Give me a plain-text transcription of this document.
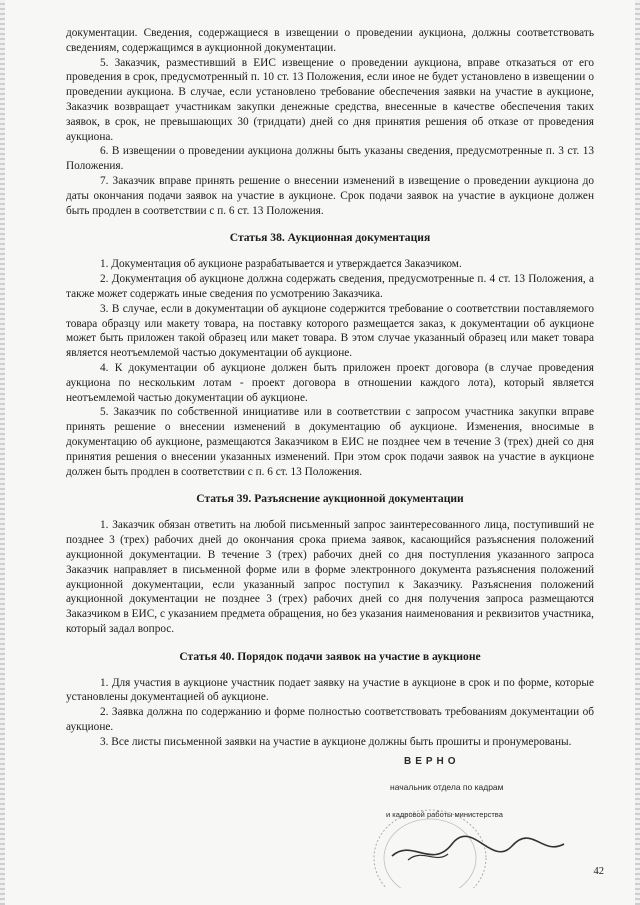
документации. Сведения, содержащиеся в извещении о проведении аукциона, должны соответствовать сведениям, содержащимся в аукционной документации.

5. Заказчик, разместивший в ЕИС извещение о проведении аукциона, вправе отказаться от его проведения в срок, предусмотренный п. 10 ст. 13 Положения, если иное не будет установлено в извещении о проведении аукциона. В случае, если установлено требование обеспечения заявки на участие в аукционе, Заказчик возвращает участникам закупки денежные средства, внесенные в качестве обеспечения таких заявок, в срок, не превышающих 30 (тридцати) дней со дня принятия решения об отказе от проведения аукциона.

6. В извещении о проведении аукциона должны быть указаны сведения, предусмотренные п. 3 ст. 13 Положения.

7. Заказчик вправе принять решение о внесении изменений в извещение о проведении аукциона до даты окончания подачи заявок на участие в аукционе. Срок подачи заявок на участие в аукционе должен быть продлен в соответствии с п. 6 ст. 13 Положения.

Статья 38. Аукционная документация

1. Документация об аукционе разрабатывается и утверждается Заказчиком.

2. Документация об аукционе должна содержать сведения, предусмотренные п. 4 ст. 13 Положения, а также может содержать иные сведения по усмотрению Заказчика.

3. В случае, если в документации об аукционе содержится требование о соответствии поставляемого товара образцу или макету товара, на поставку которого размещается заказ, к документации об аукционе может быть приложен такой образец или макет товара. В этом случае указанный образец или макет товара является неотъемлемой частью документации об аукционе.

4. К документации об аукционе должен быть приложен проект договора (в случае проведения аукциона по нескольким лотам - проект договора в отношении каждого лота), который является неотъемлемой частью документации об аукционе.

5. Заказчик по собственной инициативе или в соответствии с запросом участника закупки вправе принять решение о внесении изменений в документацию об аукционе. Изменения, вносимые в документацию об аукционе, размещаются Заказчиком в ЕИС не позднее чем в течение 3 (трех) дней со дня принятия решения о внесении указанных изменений. При этом срок подачи заявок на участие в аукционе должен быть продлен в соответствии с п. 6 ст. 13 Положения.

Статья 39. Разъяснение аукционной документации

1. Заказчик обязан ответить на любой письменный запрос заинтересованного лица, поступивший не позднее 3 (трех) рабочих дней до окончания срока приема заявок, касающийся разъяснения положений аукционной документации. В течение 3 (трех) рабочих дней со дня поступления указанного запроса Заказчик направляет в письменной форме или в форме электронного документа разъяснения положений аукционной документации, если указанный запрос поступил к Заказчику. Разъяснения положений аукционной документации не позднее 3 (трех) рабочих дней со дня получения запроса размещаются Заказчиком в ЕИС, с указанием предмета обращения, но без указания наименования и реквизитов участника, который задал вопрос.

Статья 40. Порядок подачи заявок на участие в аукционе

1. Для участия в аукционе участник подает заявку на участие в аукционе в срок и по форме, которые установлены документацией об аукционе.

2. Заявка должна по содержанию и форме полностью соответствовать требованиям документации об аукционе.

3. Все листы письменной заявки на участие в аукционе должны быть прошиты и пронумерованы.

ВЕРНО
начальник отдела по кадрам
и кадровой работы министерства
42
